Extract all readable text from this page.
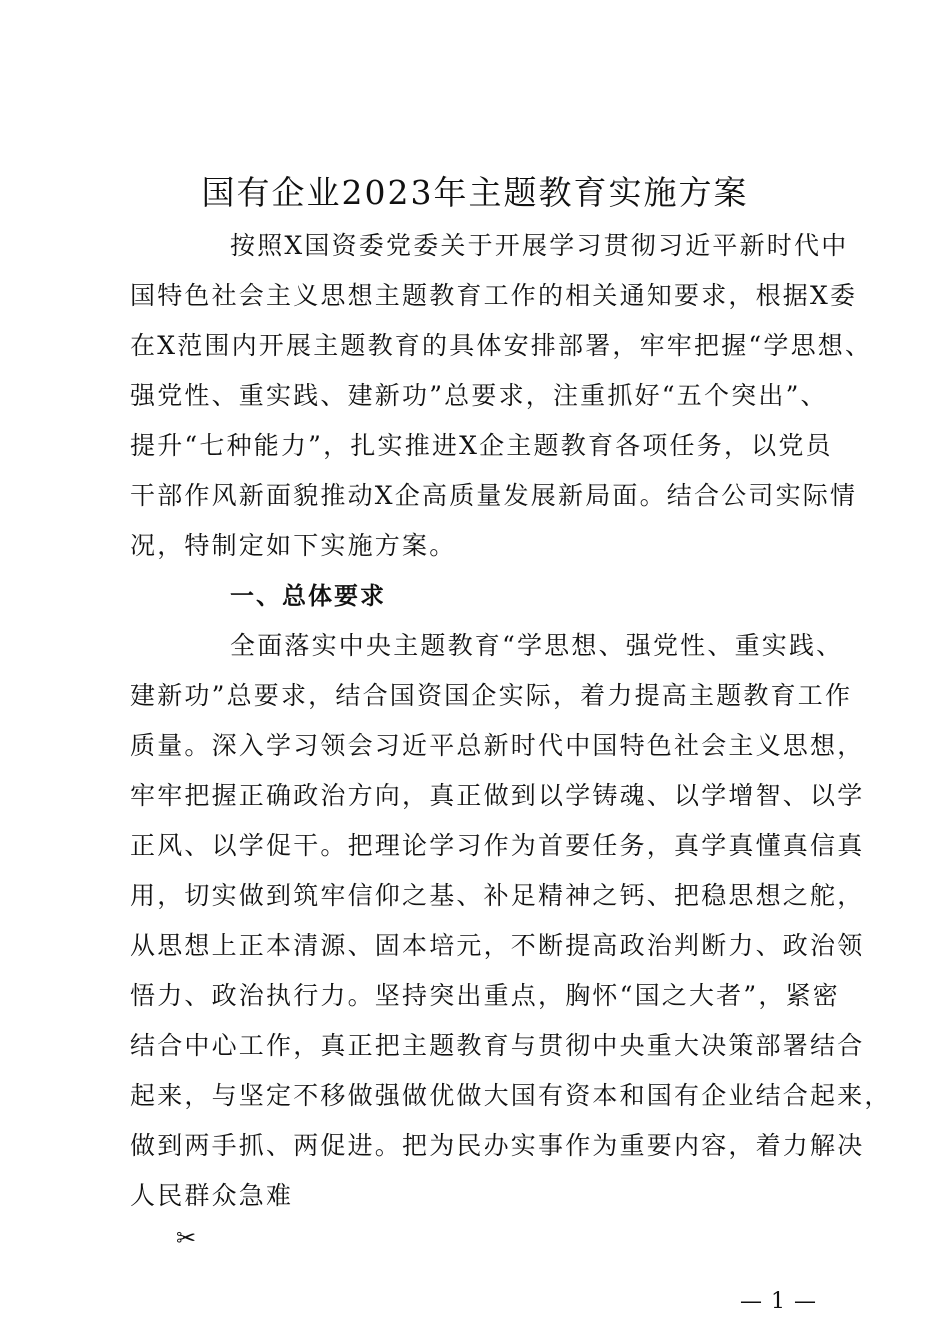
国有企业2023年主题教育实施方案

按照X国资委党委关于开展学习贯彻习近平新时代中

国特色社会主义思想主题教育工作的相关通知要求，根据X委

在X范围内开展主题教育的具体安排部署，牢牢把握“学思想、

强党性、重实践、建新功”总要求，注重抓好“五个突出”、

提升“七种能力”，扎实推进X企主题教育各项任务，以党员

干部作风新面貌推动X企高质量发展新局面。结合公司实际情

况，特制定如下实施方案。

一、总体要求

全面落实中央主题教育“学思想、强党性、重实践、

建新功”总要求，结合国资国企实际，着力提高主题教育工作

质量。深入学习领会习近平总新时代中国特色社会主义思想，

牢牢把握正确政治方向，真正做到以学铸魂、以学增智、以学

正风、以学促干。把理论学习作为首要任务，真学真懂真信真

用，切实做到筑牢信仰之基、补足精神之钙、把稳思想之舵，

从思想上正本清源、固本培元，不断提高政治判断力、政治领

悟力、政治执行力。坚持突出重点，胸怀“国之大者”，紧密

结合中心工作，真正把主题教育与贯彻中央重大决策部署结合

起来，与坚定不移做强做优做大国有资本和国有企业结合起来，

做到两手抓、两促进。把为民办实事作为重要内容，着力解决

人民群众急难

✂
— 1 —
